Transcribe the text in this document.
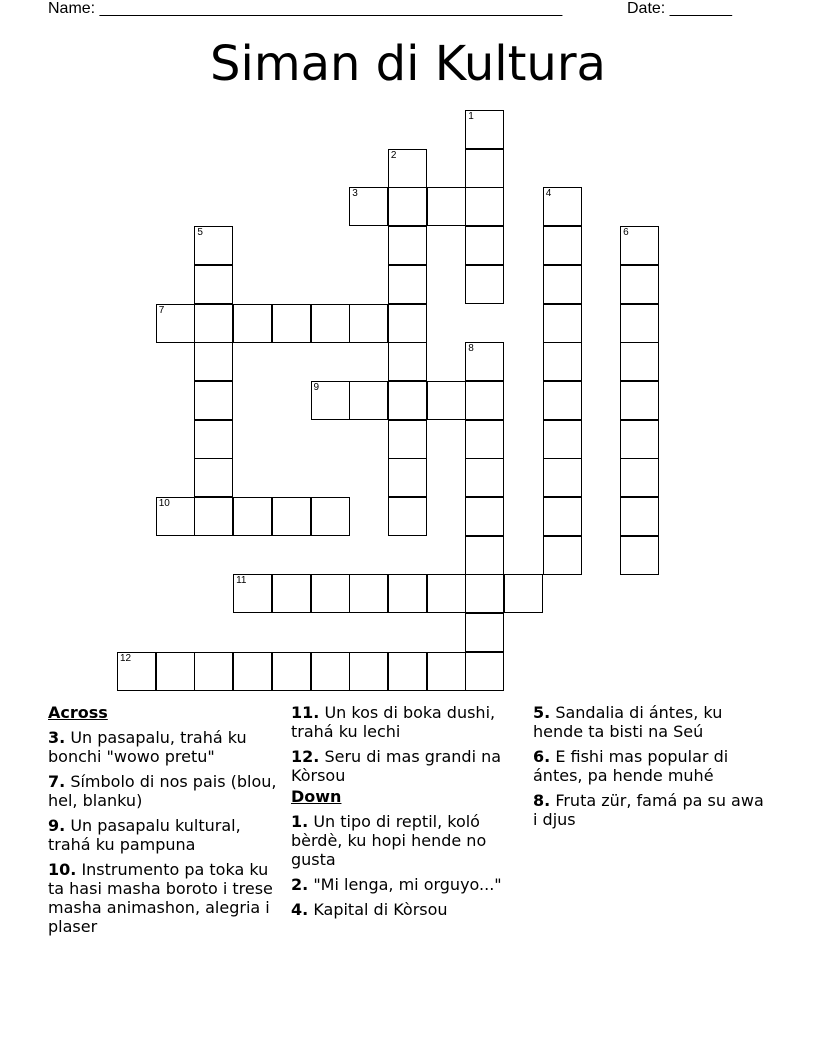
Name: ____________________________________________________	Date: _______
Siman di Kultura
3
7
9
10
11
12
1
2
4
5	6
8
Across
3. Un pasapalu, trahá ku bonchi "wowo pretu"
7. Símbolo di nos pais (blou, hel, blanku)
9. Un pasapalu kultural, trahá ku pampuna
10. Instrumento pa toka ku ta hasi masha boroto i trese masha animashon, alegria i plaser
11. Un kos di boka dushi, trahá ku lechi
12. Seru di mas grandi na Kòrsou
Down
1. Un tipo di reptil, koló bèrdè, ku hopi hende no gusta
2. "Mi lenga, mi orguyo..."
4. Kapital di Kòrsou
5. Sandalia di ántes, ku hende ta bisti na Seú
6. E fishi mas popular di ántes, pa hende muhé
8. Fruta zür, famá pa su awa i djus
